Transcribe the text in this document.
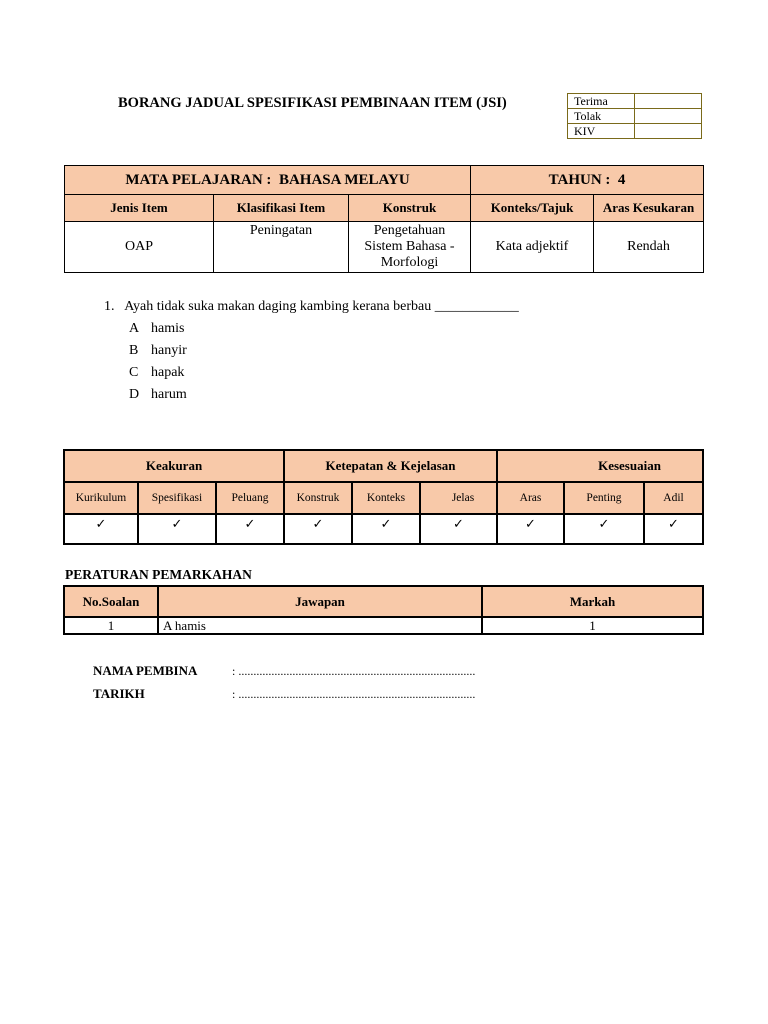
BORANG JADUAL SPESIFIKASI PEMBINAAN ITEM (JSI)	Terima	
Tolak	
KIV	
MATA PELAJARAN : BAHASA MELAYU			TAHUN : 4	
Jenis Item	Klasifikasi Item	Konstruk	Konteks/Tajuk	Aras Kesukaran
OAP	Peningatan	Pengetahuan
Sistem Bahasa -
Morfologi	Kata adjektif	Rendah
1. Ayah tidak suka makan daging kambing kerana berbau ____________
A hamis
B hanyir
C hapak
D harum
Keakuran			Ketepatan & Kejelasan			Kesesuaian		
Kurikulum	Spesifikasi	Peluang	Konstruk	Konteks	Jelas	Aras	Penting	Adil
✓	✓	✓	✓	✓	✓	✓	✓	✓
PERATURAN PEMARKAHAN
No.Soalan	Jawapan	Markah
1	A hamis	1
NAMA PEMBINA	: ...............................................................................
TARIKH	: ...............................................................................
